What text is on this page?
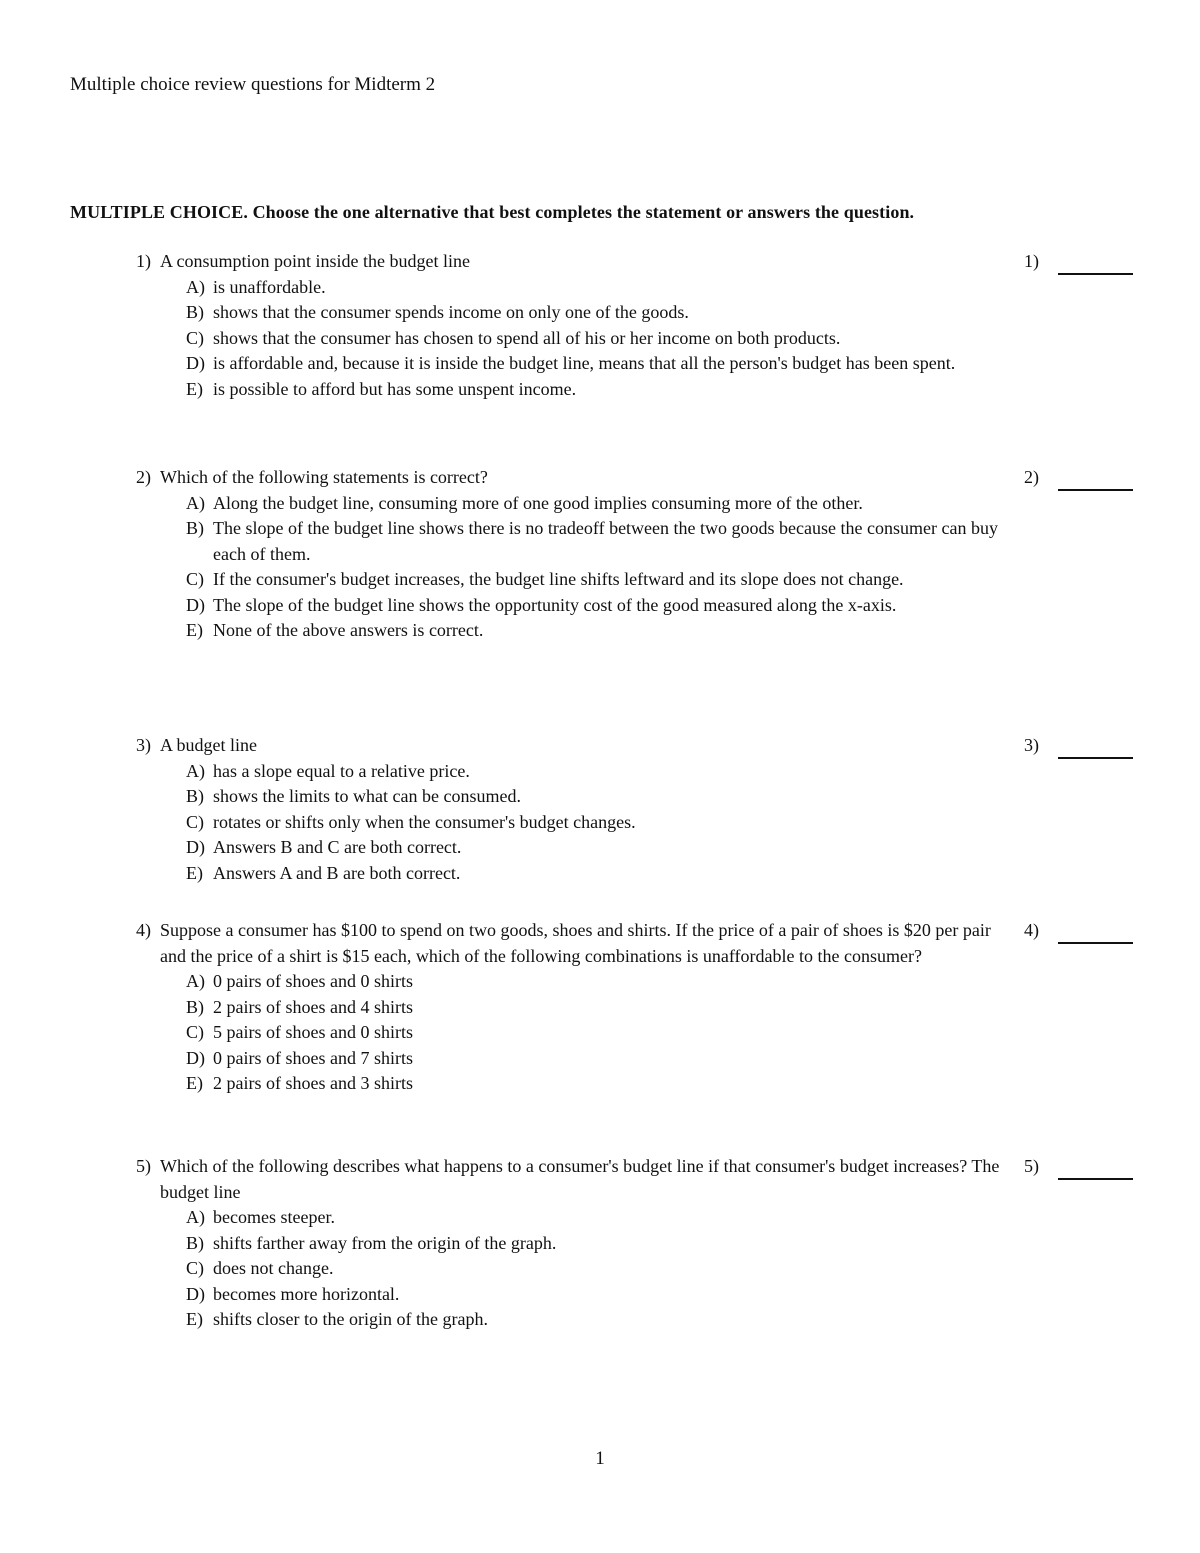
Multiple choice review questions for Midterm 2
MULTIPLE CHOICE. Choose the one alternative that best completes the statement or answers the question.
1) A consumption point inside the budget line
A) is unaffordable.
B) shows that the consumer spends income on only one of the goods.
C) shows that the consumer has chosen to spend all of his or her income on both products.
D) is affordable and, because it is inside the budget line, means that all the person's budget has been spent.
E) is possible to afford but has some unspent income.
1)
2) Which of the following statements is correct?
A) Along the budget line, consuming more of one good implies consuming more of the other.
B) The slope of the budget line shows there is no tradeoff between the two goods because the consumer can buy each of them.
C) If the consumer's budget increases, the budget line shifts leftward and its slope does not change.
D) The slope of the budget line shows the opportunity cost of the good measured along the x-axis.
E) None of the above answers is correct.
2)
3) A budget line
A) has a slope equal to a relative price.
B) shows the limits to what can be consumed.
C) rotates or shifts only when the consumer's budget changes.
D) Answers B and C are both correct.
E) Answers A and B are both correct.
3)
4) Suppose a consumer has $100 to spend on two goods, shoes and shirts. If the price of a pair of shoes is $20 per pair and the price of a shirt is $15 each, which of the following combinations is unaffordable to the consumer?
A) 0 pairs of shoes and 0 shirts
B) 2 pairs of shoes and 4 shirts
C) 5 pairs of shoes and 0 shirts
D) 0 pairs of shoes and 7 shirts
E) 2 pairs of shoes and 3 shirts
4)
5) Which of the following describes what happens to a consumer's budget line if that consumer's budget increases? The budget line
A) becomes steeper.
B) shifts farther away from the origin of the graph.
C) does not change.
D) becomes more horizontal.
E) shifts closer to the origin of the graph.
5)
1
